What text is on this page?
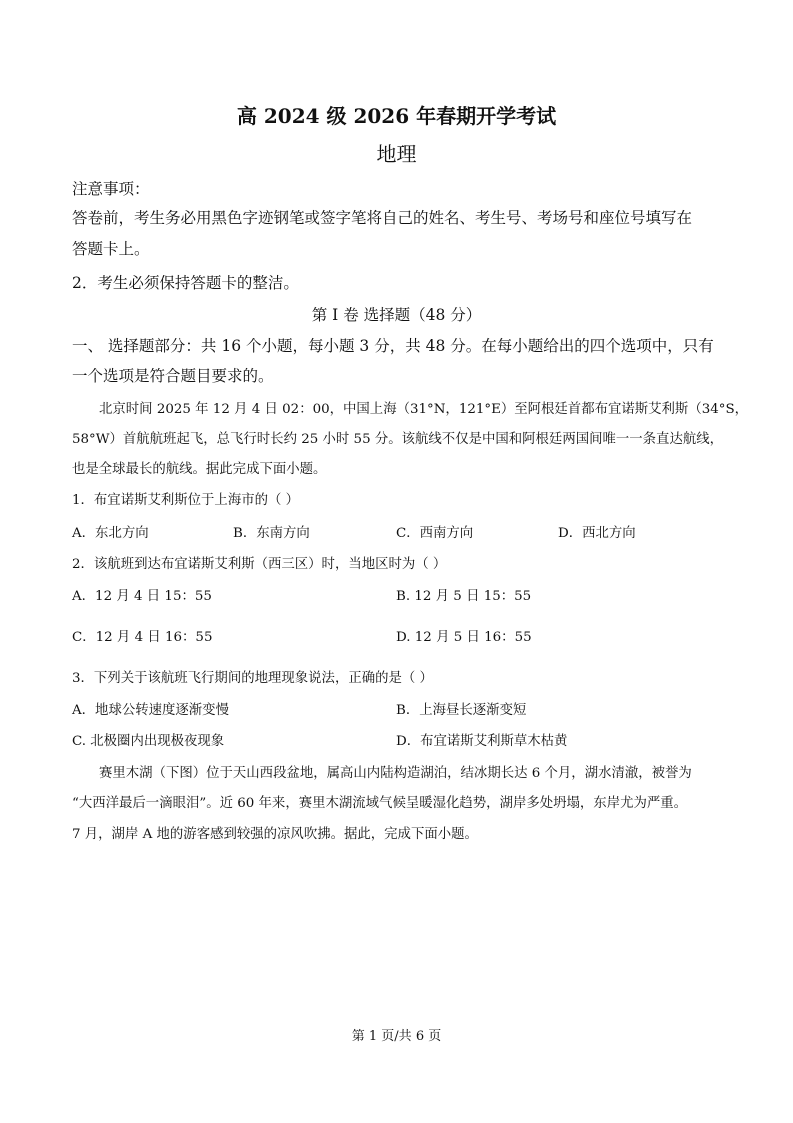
高 2024 级 2026 年春期开学考试
地理
注意事项：
答卷前，考生务必用黑色字迹钢笔或签字笔将自己的姓名、考生号、考场号和座位号填写在
答题卡上。
2．考生必须保持答题卡的整洁。
第 I 卷 选择题（48 分）
一、 选择题部分：共 16 个小题，每小题 3 分，共 48 分。在每小题给出的四个选项中，只有
一个选项是符合题目要求的。
北京时间 2025 年 12 月 4 日 02：00，中国上海（31°N，121°E）至阿根廷首都布宜诺斯艾利斯（34°S，
58°W）首航航班起飞，总飞行时长约 25 小时 55 分。该航线不仅是中国和阿根廷两国间唯一一条直达航线，
也是全球最长的航线。据此完成下面小题。
1．布宜诺斯艾利斯位于上海市的（ ）
A．东北方向	B．东南方向	C．西南方向	D．西北方向
2．该航班到达布宜诺斯艾利斯（西三区）时，当地区时为（ ）
A．12 月 4 日 15：55	B. 12 月 5 日 15：55
C．12 月 4 日 16：55	D. 12 月 5 日 16：55
3．下列关于该航班飞行期间的地理现象说法，正确的是（ ）
A．地球公转速度逐渐变慢	B．上海昼长逐渐变短
C. 北极圈内出现极夜现象	D．布宜诺斯艾利斯草木枯黄
赛里木湖（下图）位于天山西段盆地，属高山内陆构造湖泊，结冰期长达 6 个月，湖水清澈，被誉为
“大西洋最后一滴眼泪”。近 60 年来，赛里木湖流域气候呈暖湿化趋势，湖岸多处坍塌，东岸尤为严重。
7 月，湖岸 A 地的游客感到较强的凉风吹拂。据此，完成下面小题。
第 1 页/共 6 页
